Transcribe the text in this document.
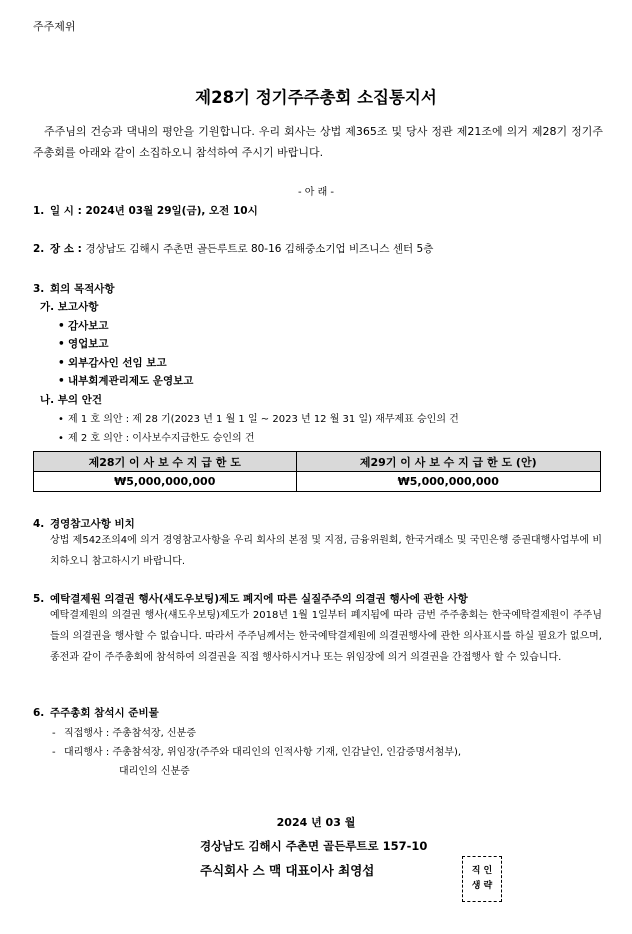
주주제위
제28기 정기주주총회 소집통지서
주주님의 건승과 댁내의 평안을 기원합니다. 우리 회사는 상법 제365조 및 당사 정관 제21조에 의거 제28기 정기주주총회를 아래와 같이 소집하오니 참석하여 주시기 바랍니다.
- 아 래 -
1. 일 시 : 2024년 03월 29일(금), 오전 10시
2. 장 소 : 경상남도 김해시 주촌면 골든루트로 80-16 김해중소기업 비즈니스 센터 5층
3. 회의 목적사항
가. 보고사항
• 감사보고
• 영업보고
• 외부감사인 선임 보고
• 내부회계관리제도 운영보고
나. 부의 안건
• 제 1 호 의안 : 제 28 기(2023 년 1 월 1 일 ~ 2023 년 12 월 31 일) 재무제표 승인의 건
• 제 2 호 의안 : 이사보수지급한도 승인의 건
제28기 이 사 보 수 지 급 한 도	제29기 이 사 보 수 지 급 한 도 (안)
₩5,000,000,000	₩5,000,000,000
4. 경영참고사항 비치
상법 제542조의4에 의거 경영참고사항을 우리 회사의 본점 및 지점, 금융위원회, 한국거래소 및 국민은행 증권대행사업부에 비치하오니 참고하시기 바랍니다.
5. 예탁결제원 의결권 행사(섀도우보팅)제도 폐지에 따른 실질주주의 의결권 행사에 관한 사항
예탁결제원의 의결권 행사(섀도우보팅)제도가 2018년 1월 1일부터 폐지됨에 따라 금번 주주총회는 한국예탁결제원이 주주님들의 의결권을 행사할 수 없습니다. 따라서 주주님께서는 한국예탁결제원에 의결권행사에 관한 의사표시를 하실 필요가 없으며, 종전과 같이 주주총회에 참석하여 의결권을 직접 행사하시거나 또는 위임장에 의거 의결권을 간접행사 할 수 있습니다.
6. 주주총회 참석시 준비물
- 직접행사 : 주총참석장, 신분증
- 대리행사 : 주총참석장, 위임장(주주와 대리인의 인적사항 기재, 인감날인, 인감증명서첨부),
대리인의 신분증
2024 년 03 월
경상남도 김해시 주촌면 골든루트로 157-10
주식회사 스 맥 대표이사 최영섭	직 인
생 략
